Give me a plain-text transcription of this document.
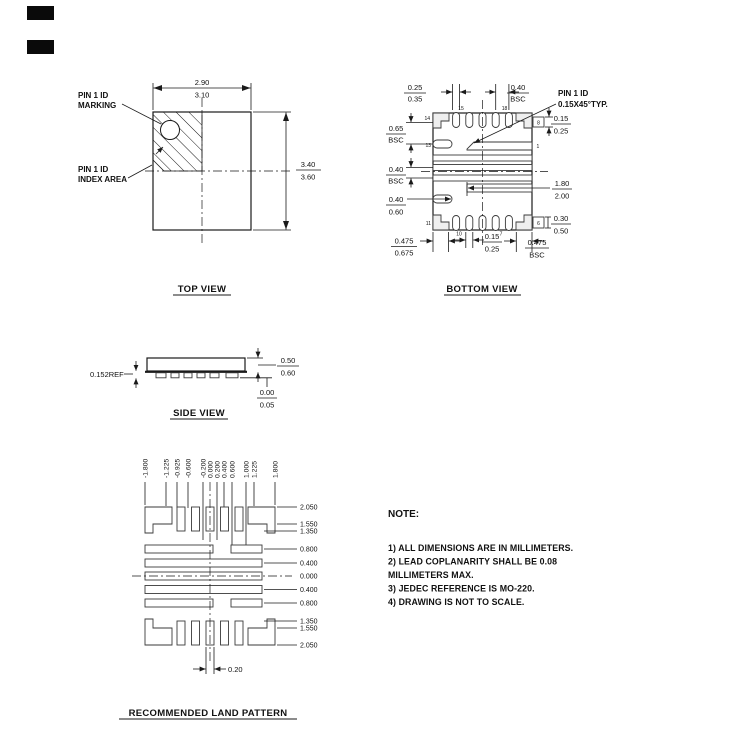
2.90
3.10
3.40
3.60
PIN 1 ID
MARKING
PIN 1 ID
INDEX AREA
TOP VIEW
0.25
0.35
0.40
BSC
PIN 1 ID
0.15X45°TYP.
0.15
0.25
0.65
BSC
0.40
BSC	1.80
2.00
0.40
0.60
0.30
0.50
0.475
0.675
0.15
0.25
0.475
BSC
14
15	18
8
1
13
11
10	7
6
BOTTOM VIEW
0.152REF
0.50
0.60
0.00
0.05
SIDE VIEW
-1.800 -1.225 -0.925 -0.600 -0.200 0.000 0.200 0.400 0.600 1.000 1.225 1.800
2.050
1.550
1.350
0.800
0.400
0.000
0.400
0.800
1.350
1.550
2.050
0.20
RECOMMENDED LAND PATTERN
NOTE:
1) ALL DIMENSIONS ARE IN MILLIMETERS.
2) LEAD COPLANARITY SHALL BE 0.08
MILLIMETERS MAX.
3) JEDEC REFERENCE IS MO-220.
4) DRAWING IS NOT TO SCALE.
